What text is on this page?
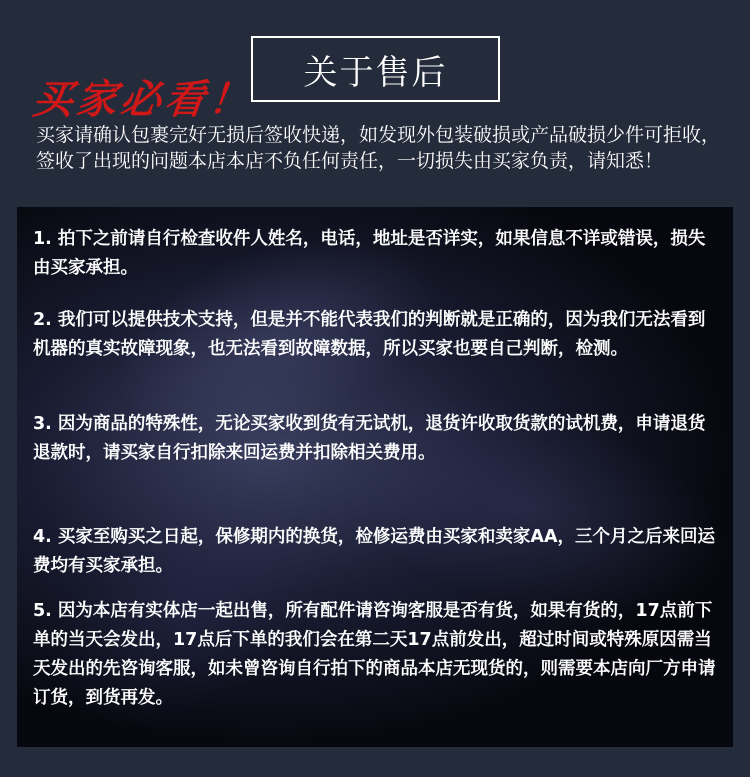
关于售后
买家必看！
买家请确认包裹完好无损后签收快递，如发现外包装破损或产品破损少件可拒收，签收了出现的问题本店本店不负任何责任，一切损失由买家负责，请知悉！
1. 拍下之前请自行检查收件人姓名，电话，地址是否详实，如果信息不详或错误，损失由买家承担。
2. 我们可以提供技术支持，但是并不能代表我们的判断就是正确的，因为我们无法看到机器的真实故障现象，也无法看到故障数据，所以买家也要自己判断，检测。
3. 因为商品的特殊性，无论买家收到货有无试机，退货许收取货款的试机费，申请退货退款时，请买家自行扣除来回运费并扣除相关费用。
4. 买家至购买之日起，保修期内的换货，检修运费由买家和卖家AA，三个月之后来回运费均有买家承担。
5. 因为本店有实体店一起出售，所有配件请咨询客服是否有货，如果有货的，17点前下单的当天会发出，17点后下单的我们会在第二天17点前发出，超过时间或特殊原因需当天发出的先咨询客服，如未曾咨询自行拍下的商品本店无现货的，则需要本店向厂方申请订货，到货再发。
